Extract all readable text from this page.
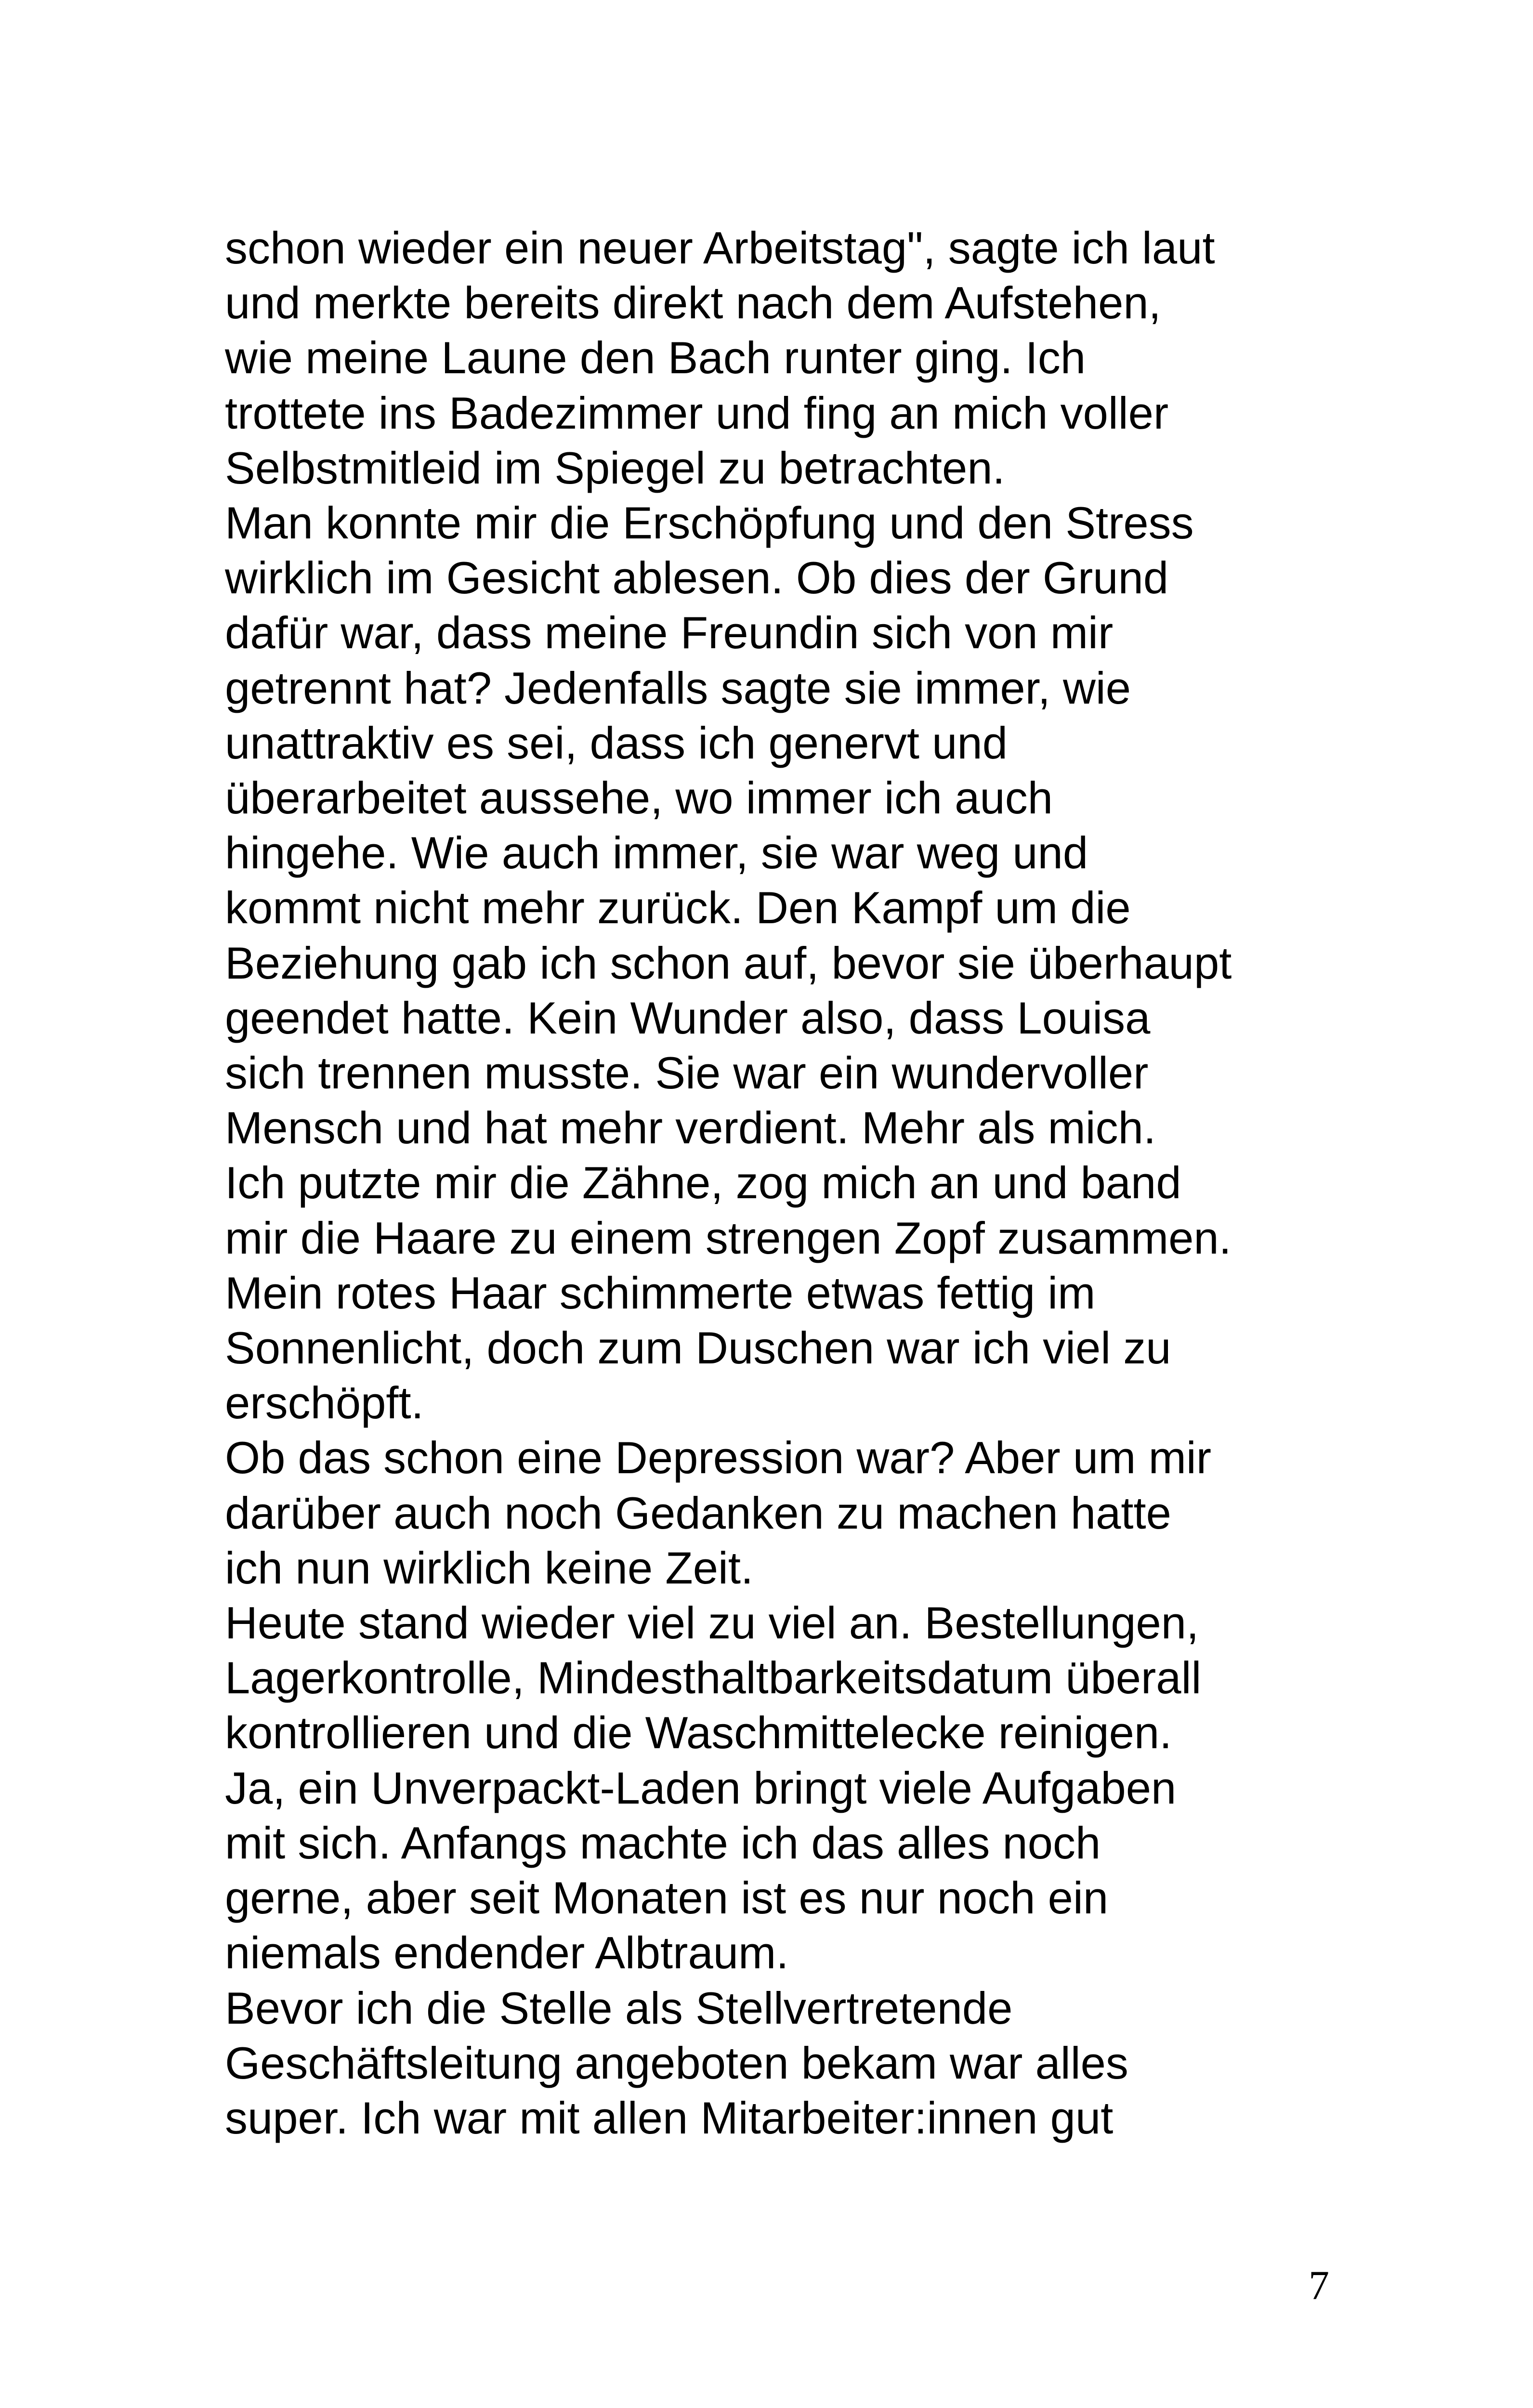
schon wieder ein neuer Arbeitstag", sagte ich laut
und merkte bereits direkt nach dem Aufstehen,
wie meine Laune den Bach runter ging. Ich
trottete ins Badezimmer und fing an mich voller
Selbstmitleid im Spiegel zu betrachten.
Man konnte mir die Erschöpfung und den Stress
wirklich im Gesicht ablesen. Ob dies der Grund
dafür war, dass meine Freundin sich von mir
getrennt hat? Jedenfalls sagte sie immer, wie
unattraktiv es sei, dass ich genervt und
überarbeitet aussehe, wo immer ich auch
hingehe. Wie auch immer, sie war weg und
kommt nicht mehr zurück. Den Kampf um die
Beziehung gab ich schon auf, bevor sie überhaupt
geendet hatte. Kein Wunder also, dass Louisa
sich trennen musste. Sie war ein wundervoller
Mensch und hat mehr verdient. Mehr als mich.
Ich putzte mir die Zähne, zog mich an und band
mir die Haare zu einem strengen Zopf zusammen.
Mein rotes Haar schimmerte etwas fettig im
Sonnenlicht, doch zum Duschen war ich viel zu
erschöpft.
Ob das schon eine Depression war? Aber um mir
darüber auch noch Gedanken zu machen hatte
ich nun wirklich keine Zeit.
Heute stand wieder viel zu viel an. Bestellungen,
Lagerkontrolle, Mindesthaltbarkeitsdatum überall
kontrollieren und die Waschmittelecke reinigen.
Ja, ein Unverpackt-Laden bringt viele Aufgaben
mit sich. Anfangs machte ich das alles noch
gerne, aber seit Monaten ist es nur noch ein
niemals endender Albtraum.
Bevor ich die Stelle als Stellvertretende
Geschäftsleitung angeboten bekam war alles
super. Ich war mit allen Mitarbeiter:innen gut
7
